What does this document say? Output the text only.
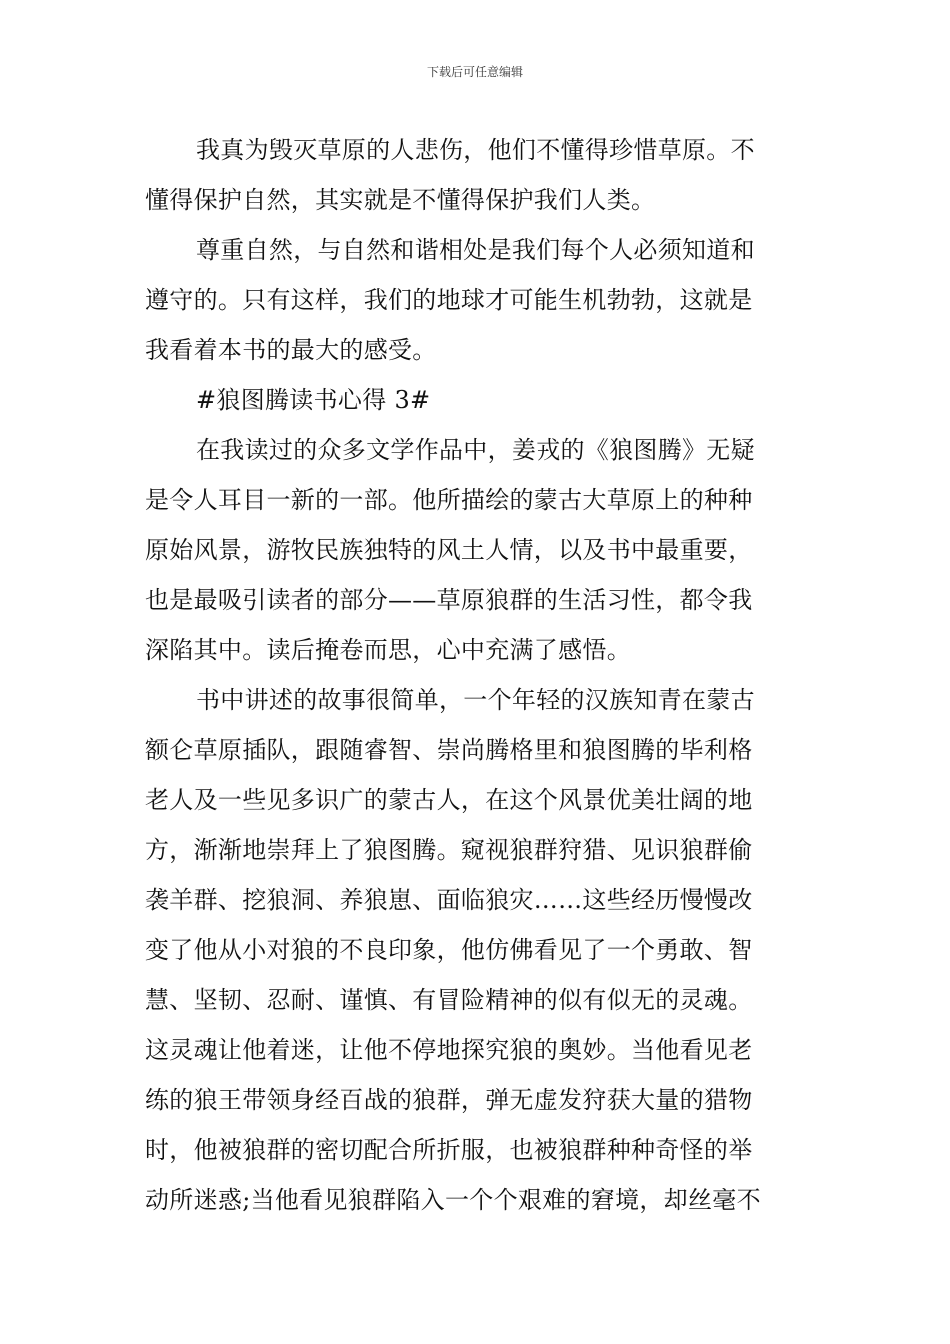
下载后可任意编辑
我真为毁灭草原的人悲伤，他们不懂得珍惜草原。不
懂得保护自然，其实就是不懂得保护我们人类。
尊重自然，与自然和谐相处是我们每个人必须知道和
遵守的。只有这样，我们的地球才可能生机勃勃，这就是
我看着本书的最大的感受。
#狼图腾读书心得 3#
在我读过的众多文学作品中，姜戎的《狼图腾》无疑
是令人耳目一新的一部。他所描绘的蒙古大草原上的种种
原始风景，游牧民族独特的风土人情，以及书中最重要，
也是最吸引读者的部分——草原狼群的生活习性，都令我
深陷其中。读后掩卷而思，心中充满了感悟。
书中讲述的故事很简单，一个年轻的汉族知青在蒙古
额仑草原插队，跟随睿智、崇尚腾格里和狼图腾的毕利格
老人及一些见多识广的蒙古人，在这个风景优美壮阔的地
方，渐渐地崇拜上了狼图腾。窥视狼群狩猎、见识狼群偷
袭羊群、挖狼洞、养狼崽、面临狼灾……这些经历慢慢改
变了他从小对狼的不良印象，他仿佛看见了一个勇敢、智
慧、坚韧、忍耐、谨慎、有冒险精神的似有似无的灵魂。
这灵魂让他着迷，让他不停地探究狼的奥妙。当他看见老
练的狼王带领身经百战的狼群，弹无虚发狩获大量的猎物
时，他被狼群的密切配合所折服，也被狼群种种奇怪的举
动所迷惑;当他看见狼群陷入一个个艰难的窘境，却丝毫不
